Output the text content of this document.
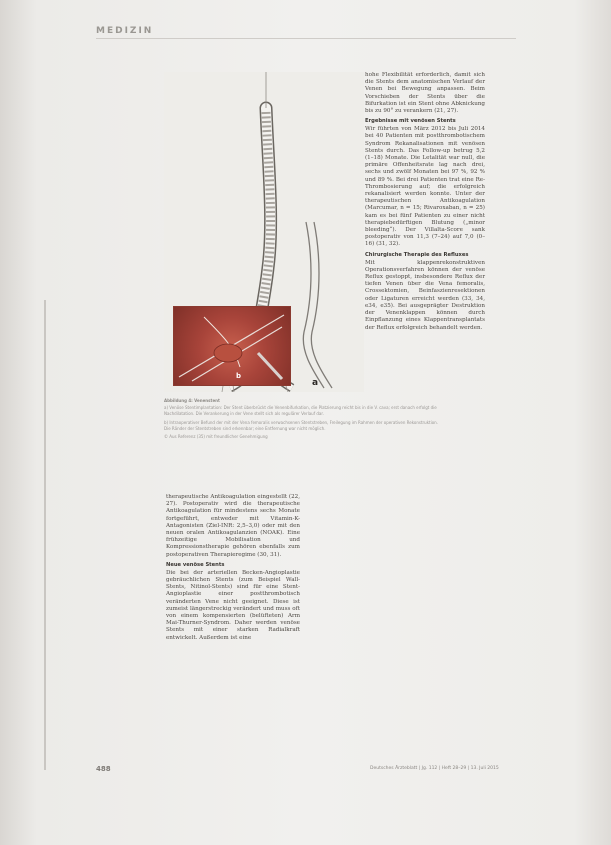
MEDIZIN
b
a
Abbildung 4: Venenstent

a) Venöse Stentimplantation: Der Stent überbrückt die Venenbifurkation, die Platzierung reicht bis in die V. cava; erst danach erfolgt die Nachdilatation. Die Verankerung in der Vene stellt sich als regulärer Verlauf dar.

b) Intraoperativer Befund der mit der Vena femoralis verwachsenen Stentstreben, Freilegung im Rahmen der operativen Rekonstruktion. Die Ränder der Stentstreben sind erkennbar; eine Entfernung war nicht möglich.

© Aus Referenz (35) mit freundlicher Genehmigung

therapeutische Antikoagulation eingestellt (22, 27). Postoperativ wird die therapeutische Antikoagulation für mindestens sechs Monate fortgeführt, entweder mit Vitamin-K-Antagonisten (Ziel-INR: 2,5–3,0) oder mit den neuen oralen Antikoagulanzien (NOAK). Eine frühzeitige Mobilisation und Kompressionstherapie gehören ebenfalls zum postoperativen Therapieregime (30, 31).

Neue venöse Stents

Die bei der arteriellen Becken-Angioplastie gebräuchlichen Stents (zum Beispiel Wall-Stents, Nitinol-Stents) sind für eine Stent-Angioplastie einer postthrombotisch veränderten Vene nicht geeignet. Diese ist zumeist längerstreckig verändert und muss oft von einem kompensierten (belüfteten) Arm Mai-Thurner-Syndrom. Daher werden venöse Stents mit einer starken Radialkraft entwickelt. Außerdem ist eine

hohe Flexibilität erforderlich, damit sich die Stents dem anatomischen Verlauf der Venen bei Bewegung anpassen. Beim Vorschieben der Stents über die Bifurkation ist ein Stent ohne Abknickung bis zu 90° zu verankern (21, 27).

Ergebnisse mit venösen Stents

Wir führten von März 2012 bis Juli 2014 bei 40 Patienten mit postthrombotischem Syndrom Rekanalisationen mit venösen Stents durch. Das Follow-up betrug 5,2 (1–18) Monate. Die Letalität war null, die primäre Offenheitsrate lag nach drei, sechs und zwölf Monaten bei 97 %, 92 % und 89 %. Bei drei Patienten trat eine Re-Thrombosierung auf; die erfolgreich rekanalisiert werden konnte. Unter der therapeutischen Antikoagulation (Marcumar, n = 15; Rivaroxaban, n = 25) kam es bei fünf Patienten zu einer nicht therapiebedürftigen Blutung („minor bleeding“). Der Villalta-Score sank postoperativ von 11,3 (7–24) auf 7,0 (0–16) (31, 32).

Chirurgische Therapie des Refluxes

Mit klappenrekonstruktiven Operationsverfahren können der venöse Reflux gestoppt, insbesondere Reflux der tiefen Venen über die Vena femoralis, Crossektomien, Beinfaszienresektionen oder Ligaturen erreicht werden (33, 34, e34, e35). Bei ausgeprägter Destruktion der Venenklappen können durch Einpflanzung eines Klappentransplantats der Reflux erfolgreich behandelt werden.

488	Deutsches Ärzteblatt | Jg. 112 | Heft 28–29 | 13. Juli 2015
